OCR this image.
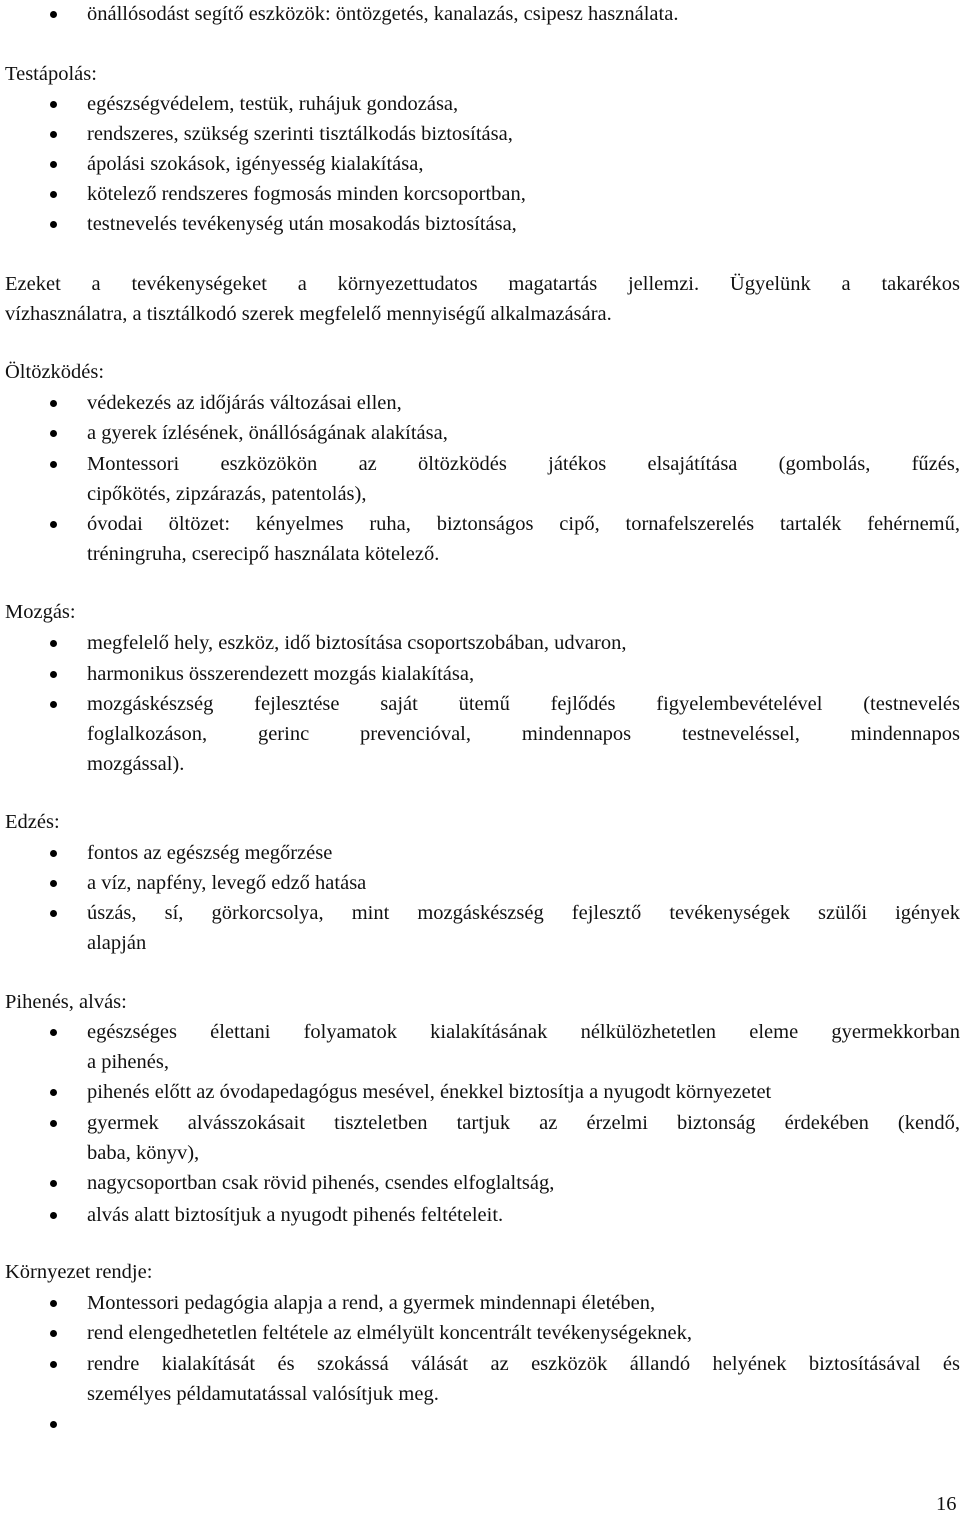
önállósodást segítő eszközök: öntözgetés, kanalazás, csipesz használata.
Testápolás:
egészségvédelem, testük, ruhájuk gondozása,
rendszeres, szükség szerinti tisztálkodás biztosítása,
ápolási szokások, igényesség kialakítása,
kötelező rendszeres fogmosás minden korcsoportban,
testnevelés tevékenység után mosakodás biztosítása,
Ezeket a tevékenységeket a környezettudatos magatartás jellemzi. Ügyelünk a takarékos
vízhasználatra, a tisztálkodó szerek megfelelő mennyiségű alkalmazására.
Öltözködés:
védekezés az időjárás változásai ellen,
a gyerek ízlésének, önállóságának alakítása,
Montessori eszközökön az öltözködés játékos elsajátítása (gombolás, fűzés,
cipőkötés, zipzárazás, patentolás),
óvodai öltözet: kényelmes ruha, biztonságos cipő, tornafelszerelés tartalék fehérnemű,
tréningruha, cserecipő használata kötelező.
Mozgás:
megfelelő hely, eszköz, idő biztosítása csoportszobában, udvaron,
harmonikus összerendezett mozgás kialakítása,
mozgáskészség fejlesztése saját ütemű fejlődés figyelembevételével (testnevelés
foglalkozáson, gerinc prevencióval, mindennapos testneveléssel, mindennapos
mozgással).
Edzés:
fontos az egészség megőrzése
a víz, napfény, levegő edző hatása
úszás, sí, görkorcsolya, mint mozgáskészség fejlesztő tevékenységek szülői igények
alapján
Pihenés, alvás:
egészséges élettani folyamatok kialakításának nélkülözhetetlen eleme gyermekkorban
a pihenés,
pihenés előtt az óvodapedagógus mesével, énekkel biztosítja a nyugodt környezetet
gyermek alvásszokásait tiszteletben tartjuk az érzelmi biztonság érdekében (kendő,
baba, könyv),
nagycsoportban csak rövid pihenés, csendes elfoglaltság,
alvás alatt biztosítjuk a nyugodt pihenés feltételeit.
Környezet rendje:
Montessori pedagógia alapja a rend, a gyermek mindennapi életében,
rend elengedhetetlen feltétele az elmélyült koncentrált tevékenységeknek,
rendre kialakítását és szokássá válását az eszközök állandó helyének biztosításával és
személyes példamutatással valósítjuk meg.
16
